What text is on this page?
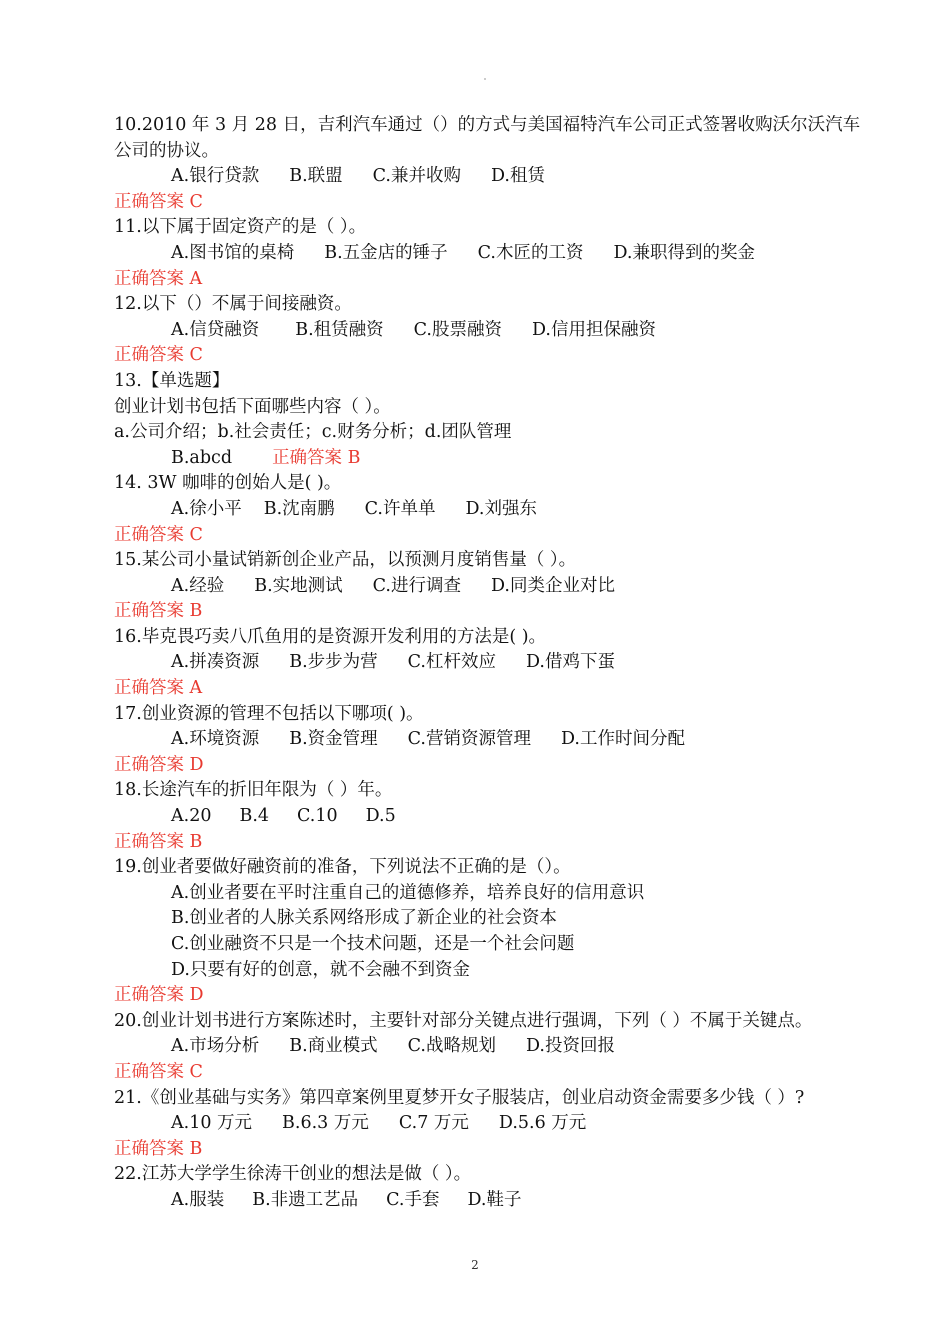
10.2010 年 3 月 28 日，吉利汽车通过（）的方式与美国福特汽车公司正式签署收购沃尔沃汽车公司的协议。
A.银行贷款 B.联盟 C.兼并收购 D.租赁
正确答案 C
11.以下属于固定资产的是（ ）。
A.图书馆的桌椅 B.五金店的锤子 C.木匠的工资 D.兼职得到的奖金
正确答案 A
12.以下（）不属于间接融资。
A.信贷融资 B.租赁融资 C.股票融资 D.信用担保融资
正确答案 C
13.【单选题】
创业计划书包括下面哪些内容（ ）。
a.公司介绍；b.社会责任；c.财务分析；d.团队管理
B.abcd 正确答案 B
14. 3W 咖啡的创始人是( )。
A.徐小平 B.沈南鹏 C.许单单 D.刘强东
正确答案 C
15.某公司小量试销新创企业产品，以预测月度销售量（ ）。
A.经验 B.实地测试 C.进行调查 D.同类企业对比
正确答案 B
16.毕克畏巧卖八爪鱼用的是资源开发利用的方法是( )。
A.拼凑资源 B.步步为营 C.杠杆效应 D.借鸡下蛋
正确答案 A
17.创业资源的管理不包括以下哪项( )。
A.环境资源 B.资金管理 C.营销资源管理 D.工作时间分配
正确答案 D
18.长途汽车的折旧年限为（ ）年。
A.20 B.4 C.10 D.5
正确答案 B
19.创业者要做好融资前的准备，下列说法不正确的是（）。
A.创业者要在平时注重自己的道德修养，培养良好的信用意识
B.创业者的人脉关系网络形成了新企业的社会资本
C.创业融资不只是一个技术问题，还是一个社会问题
D.只要有好的创意，就不会融不到资金
正确答案 D
20.创业计划书进行方案陈述时，主要针对部分关键点进行强调，下列（ ）不属于关键点。
A.市场分析 B.商业模式 C.战略规划 D.投资回报
正确答案 C
21.《创业基础与实务》第四章案例里夏梦开女子服装店，创业启动资金需要多少钱（ ）?
A.10 万元 B.6.3 万元 C.7 万元 D.5.6 万元
正确答案 B
22.江苏大学学生徐涛干创业的想法是做（ ）。
A.服装 B.非遗工艺品 C.手套 D.鞋子
2
